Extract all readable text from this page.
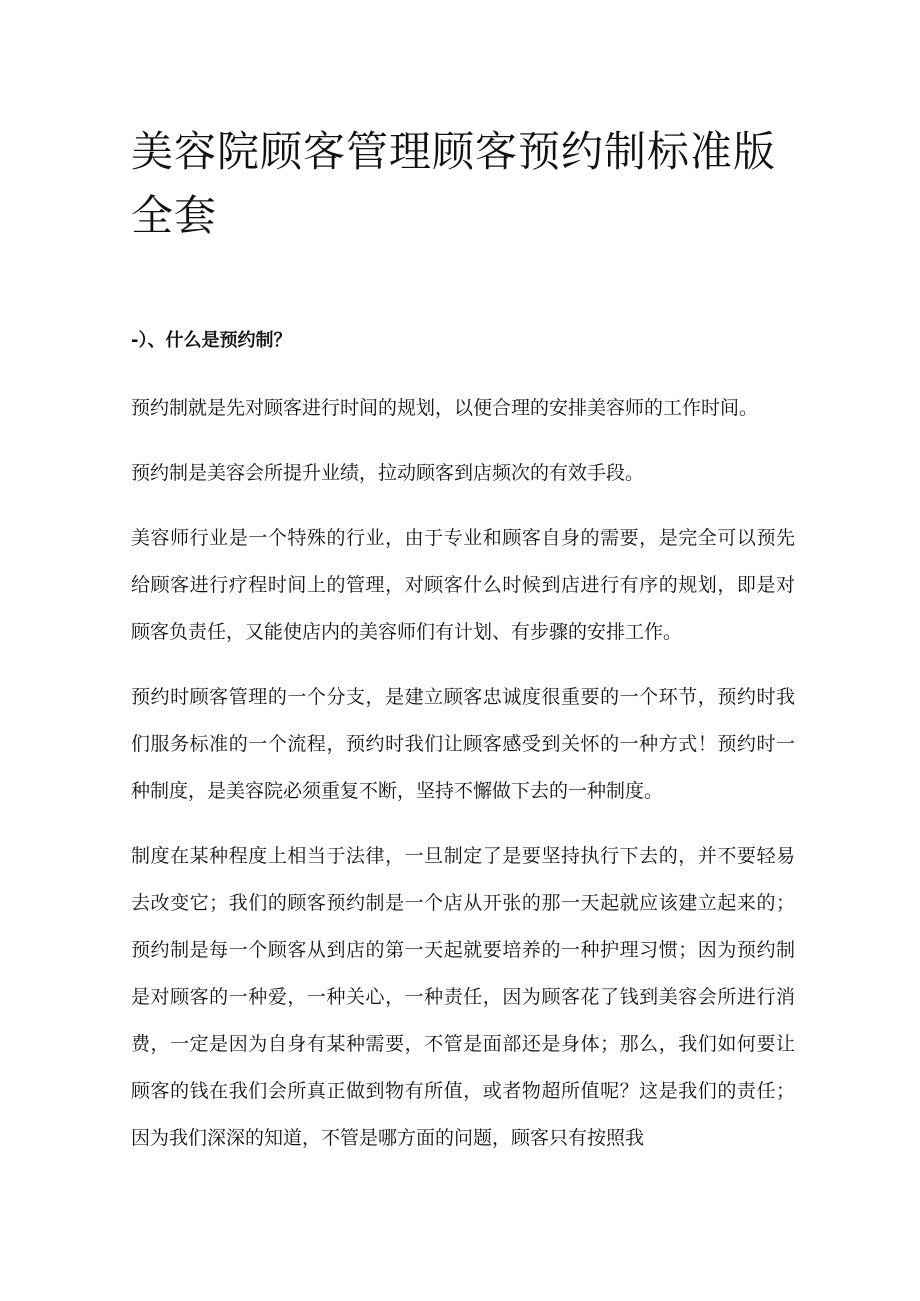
美容院顾客管理顾客预约制标准版全套
-）、什么是预约制？

预约制就是先对顾客进行时间的规划，以便合理的安排美容师的工作时间。

预约制是美容会所提升业绩，拉动顾客到店频次的有效手段。

美容师行业是一个特殊的行业，由于专业和顾客自身的需要，是完全可以预先给顾客进行疗程时间上的管理，对顾客什么时候到店进行有序的规划，即是对顾客负责任，又能使店内的美容师们有计划、有步骤的安排工作。

预约时顾客管理的一个分支，是建立顾客忠诚度很重要的一个环节，预约时我们服务标准的一个流程，预约时我们让顾客感受到关怀的一种方式！预约时一种制度，是美容院必须重复不断，坚持不懈做下去的一种制度。

制度在某种程度上相当于法律，一旦制定了是要坚持执行下去的，并不要轻易去改变它；我们的顾客预约制是一个店从开张的那一天起就应该建立起来的；预约制是每一个顾客从到店的第一天起就要培养的一种护理习惯；因为预约制是对顾客的一种爱，一种关心，一种责任，因为顾客花了钱到美容会所进行消费，一定是因为自身有某种需要，不管是面部还是身体；那么，我们如何要让顾客的钱在我们会所真正做到物有所值，或者物超所值呢？这是我们的责任；因为我们深深的知道，不管是哪方面的问题，顾客只有按照我
